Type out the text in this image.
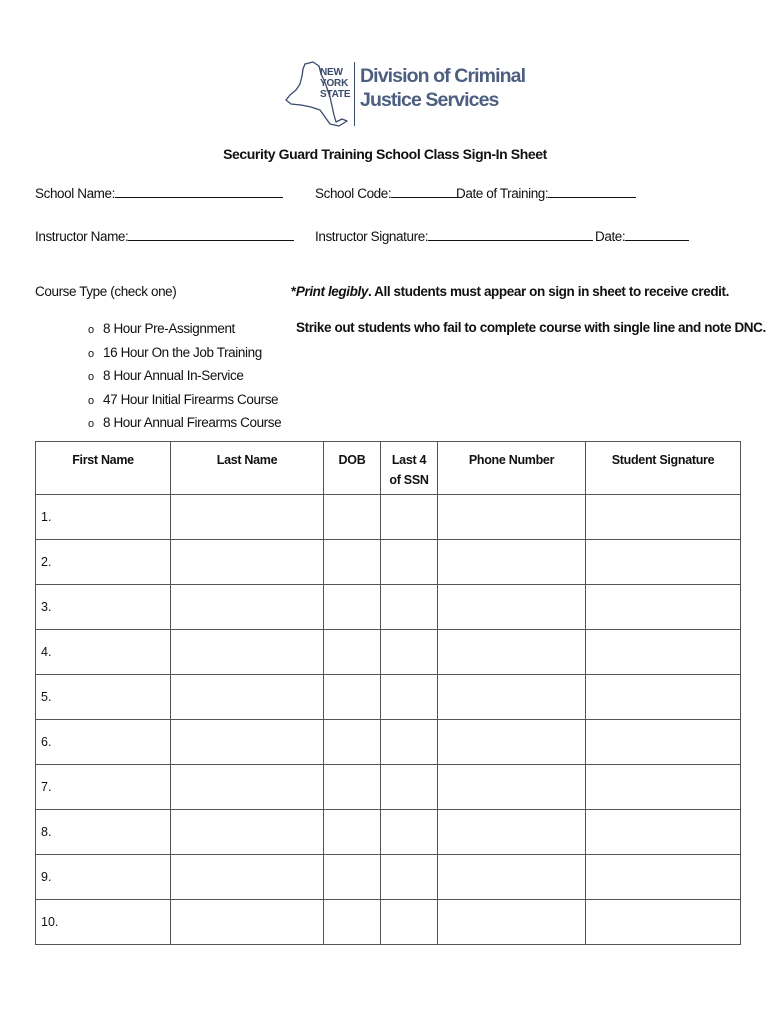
NEW
YORK
STATE
Division of Criminal
Justice Services
Security Guard Training School Class Sign-In Sheet
School Name:	School Code:	Date of Training:
Instructor Name:	Instructor Signature:	Date:
Course Type (check one)	*Print legibly. All students must appear on sign in sheet to receive credit.
Strike out students who fail to complete course with single line and note DNC.
o 8 Hour Pre-Assignment
o 16 Hour On the Job Training
o 8 Hour Annual In-Service
o 47 Hour Initial Firearms Course
o 8 Hour Annual Firearms Course
First Name	Last Name	DOB	Last 4 of SSN	Phone Number	Student Signature
1.					
2.					
3.					
4.					
5.					
6.					
7.					
8.					
9.					
10.					
